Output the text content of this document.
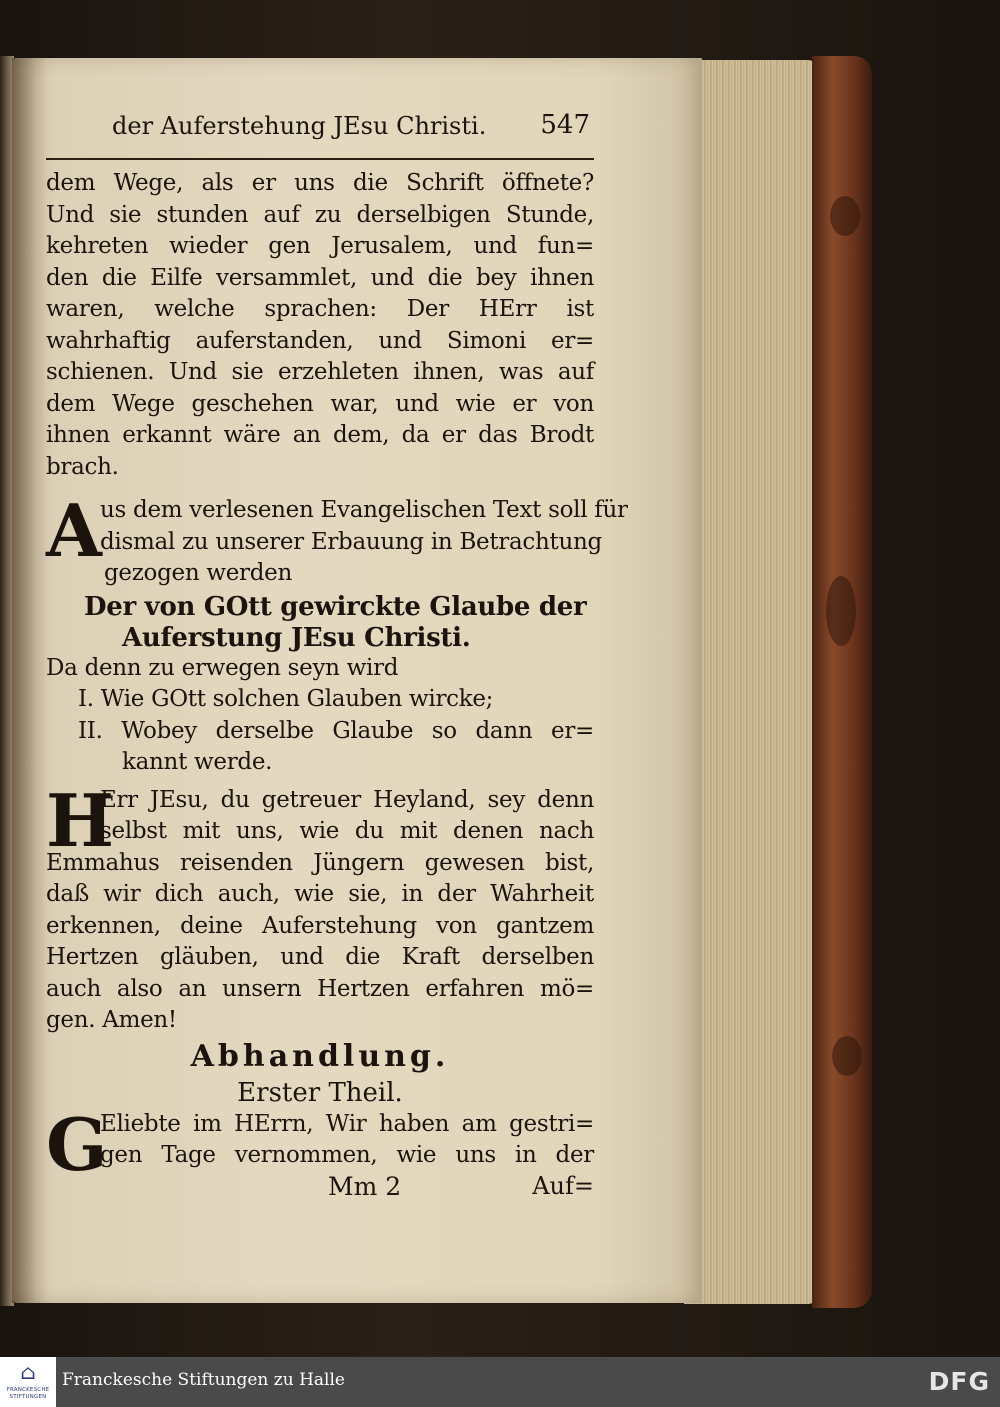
der Auferstehung JEsu Christi. 547
dem Wege, als er uns die Schrift öffnete?
Und sie stunden auf zu derselbigen Stunde,
kehreten wieder gen Jerusalem, und fun=
den die Eilfe versammlet, und die bey ihnen
waren, welche sprachen: Der HErr ist
wahrhaftig auferstanden, und Simoni er=
schienen. Und sie erzehleten ihnen, was auf
dem Wege geschehen war, und wie er von
ihnen erkannt wäre an dem, da er das Brodt
brach.
A
us dem verlesenen Evangelischen Text soll für
dismal zu unserer Erbauung in Betrachtung
gezogen werden
Der von GOtt gewirckte Glaube der
Auferstung JEsu Christi.
Da denn zu erwegen seyn wird
I. Wie GOtt solchen Glauben wircke;
II. Wobey derselbe Glaube so dann er=
kannt werde.
H
Err JEsu, du getreuer Heyland, sey denn
selbst mit uns, wie du mit denen nach
Emmahus reisenden Jüngern gewesen bist,
daß wir dich auch, wie sie, in der Wahrheit
erkennen, deine Auferstehung von gantzem
Hertzen gläuben, und die Kraft derselben
auch also an unsern Hertzen erfahren mö=
gen. Amen!
Abhandlung.
Erster Theil.
G
Eliebte im HErrn, Wir haben am gestri=
gen Tage vernommen, wie uns in der
Mm 2	Auf=
⌂
FRANCKESCHE STIFTUNGEN
Franckesche Stiftungen zu Halle	DFG
